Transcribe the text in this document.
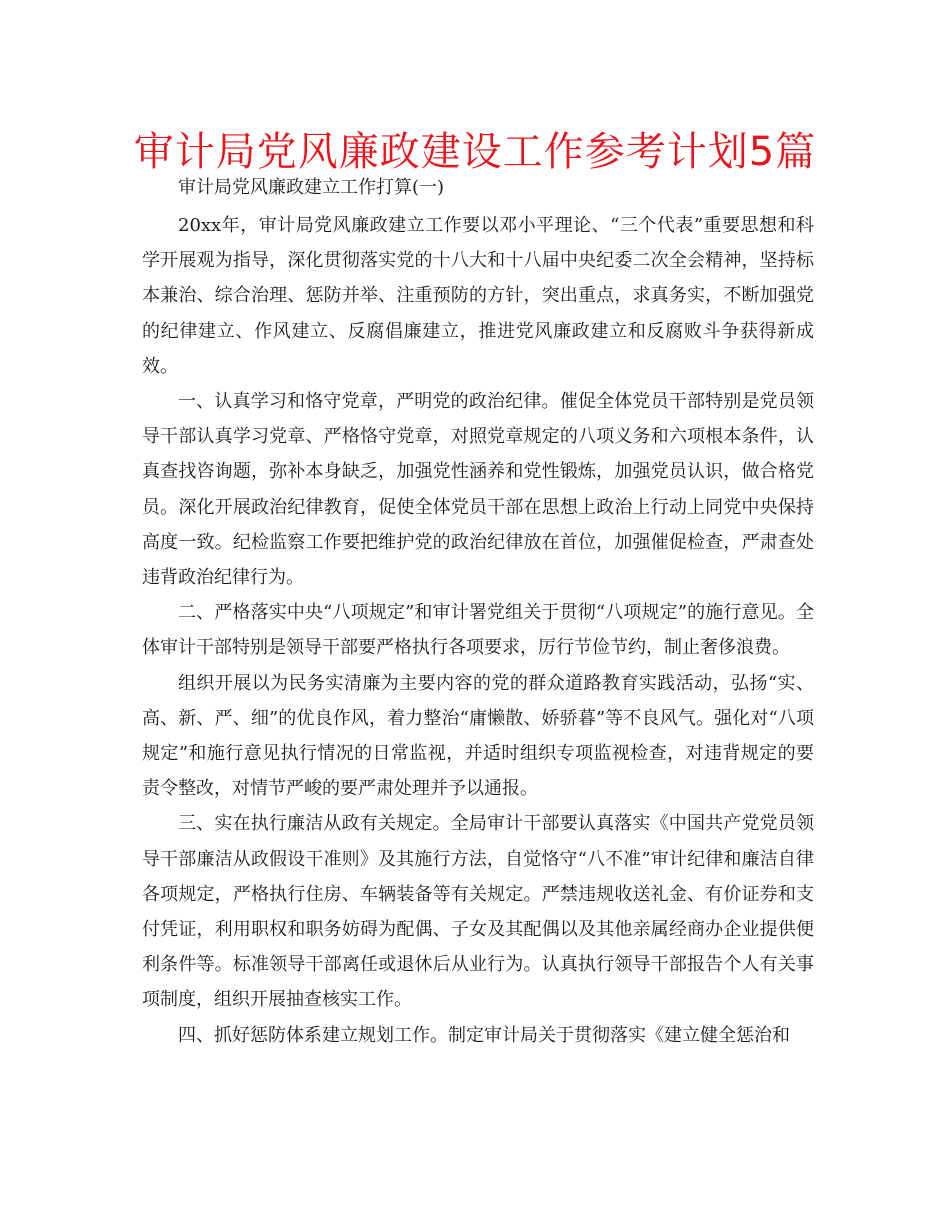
审计局党风廉政建设工作参考计划5篇

审计局党风廉政建立工作打算(一)

20xx年，审计局党风廉政建立工作要以邓小平理论、“三个代表”重要思想和科学开展观为指导，深化贯彻落实党的十八大和十八届中央纪委二次全会精神，坚持标本兼治、综合治理、惩防并举、注重预防的方针，突出重点，求真务实，不断加强党的纪律建立、作风建立、反腐倡廉建立，推进党风廉政建立和反腐败斗争获得新成效。

一、认真学习和恪守党章，严明党的政治纪律。催促全体党员干部特别是党员领导干部认真学习党章、严格恪守党章，对照党章规定的八项义务和六项根本条件，认真查找咨询题，弥补本身缺乏，加强党性涵养和党性锻炼，加强党员认识，做合格党员。深化开展政治纪律教育，促使全体党员干部在思想上政治上行动上同党中央保持高度一致。纪检监察工作要把维护党的政治纪律放在首位，加强催促检查，严肃查处违背政治纪律行为。

二、严格落实中央“八项规定”和审计署党组关于贯彻“八项规定”的施行意见。全体审计干部特别是领导干部要严格执行各项要求，厉行节俭节约，制止奢侈浪费。

组织开展以为民务实清廉为主要内容的党的群众道路教育实践活动，弘扬“实、高、新、严、细”的优良作风，着力整治“庸懒散、娇骄暮”等不良风气。强化对“八项规定”和施行意见执行情况的日常监视，并适时组织专项监视检查，对违背规定的要责令整改，对情节严峻的要严肃处理并予以通报。

三、实在执行廉洁从政有关规定。全局审计干部要认真落实《中国共产党党员领导干部廉洁从政假设干准则》及其施行方法，自觉恪守“八不准”审计纪律和廉洁自律各项规定，严格执行住房、车辆装备等有关规定。严禁违规收送礼金、有价证券和支付凭证，利用职权和职务妨碍为配偶、子女及其配偶以及其他亲属经商办企业提供便利条件等。标准领导干部离任或退休后从业行为。认真执行领导干部报告个人有关事项制度，组织开展抽查核实工作。

四、抓好惩防体系建立规划工作。制定审计局关于贯彻落实《建立健全惩治和
